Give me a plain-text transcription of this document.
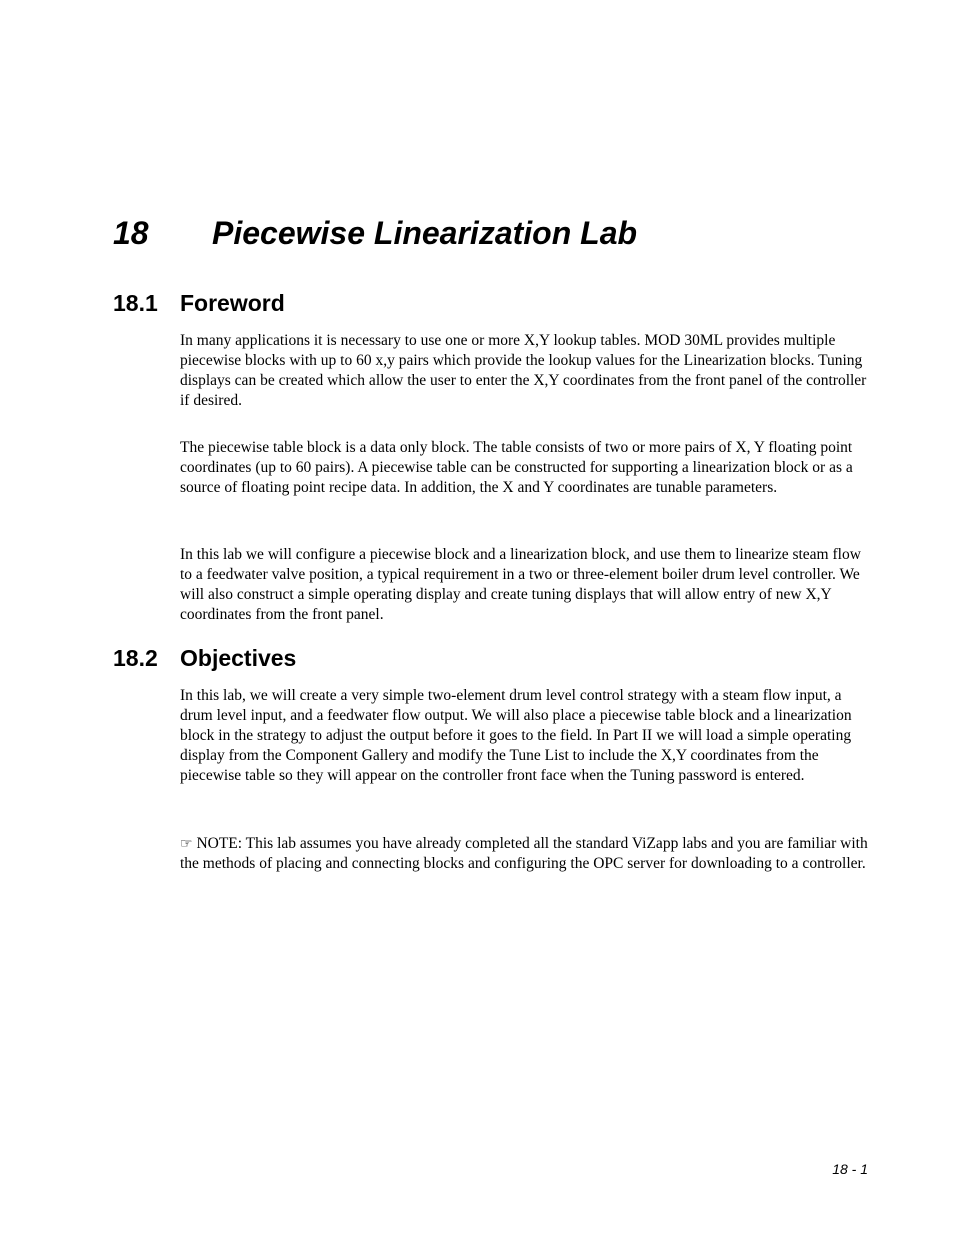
18 Piecewise Linearization Lab
18.1 Foreword

In many applications it is necessary to use one or more X,Y lookup tables. MOD 30ML provides multiple piecewise blocks with up to 60 x,y pairs which provide the lookup values for the Linearization blocks. Tuning displays can be created which allow the user to enter the X,Y coordinates from the front panel of the controller if desired.

The piecewise table block is a data only block. The table consists of two or more pairs of X, Y floating point coordinates (up to 60 pairs). A piecewise table can be constructed for supporting a linearization block or as a source of floating point recipe data. In addition, the X and Y coordinates are tunable parameters.

In this lab we will configure a piecewise block and a linearization block, and use them to linearize steam flow to a feedwater valve position, a typical requirement in a two or three-element boiler drum level controller. We will also construct a simple operating display and create tuning displays that will allow entry of new X,Y coordinates from the front panel.

18.2 Objectives

In this lab, we will create a very simple two-element drum level control strategy with a steam flow input, a drum level input, and a feedwater flow output. We will also place a piecewise table block and a linearization block in the strategy to adjust the output before it goes to the field. In Part II we will load a simple operating display from the Component Gallery and modify the Tune List to include the X,Y coordinates from the piecewise table so they will appear on the controller front face when the Tuning password is entered.

☞ NOTE: This lab assumes you have already completed all the standard ViZapp labs and you are familiar with the methods of placing and connecting blocks and configuring the OPC server for downloading to a controller.

18 - 1
